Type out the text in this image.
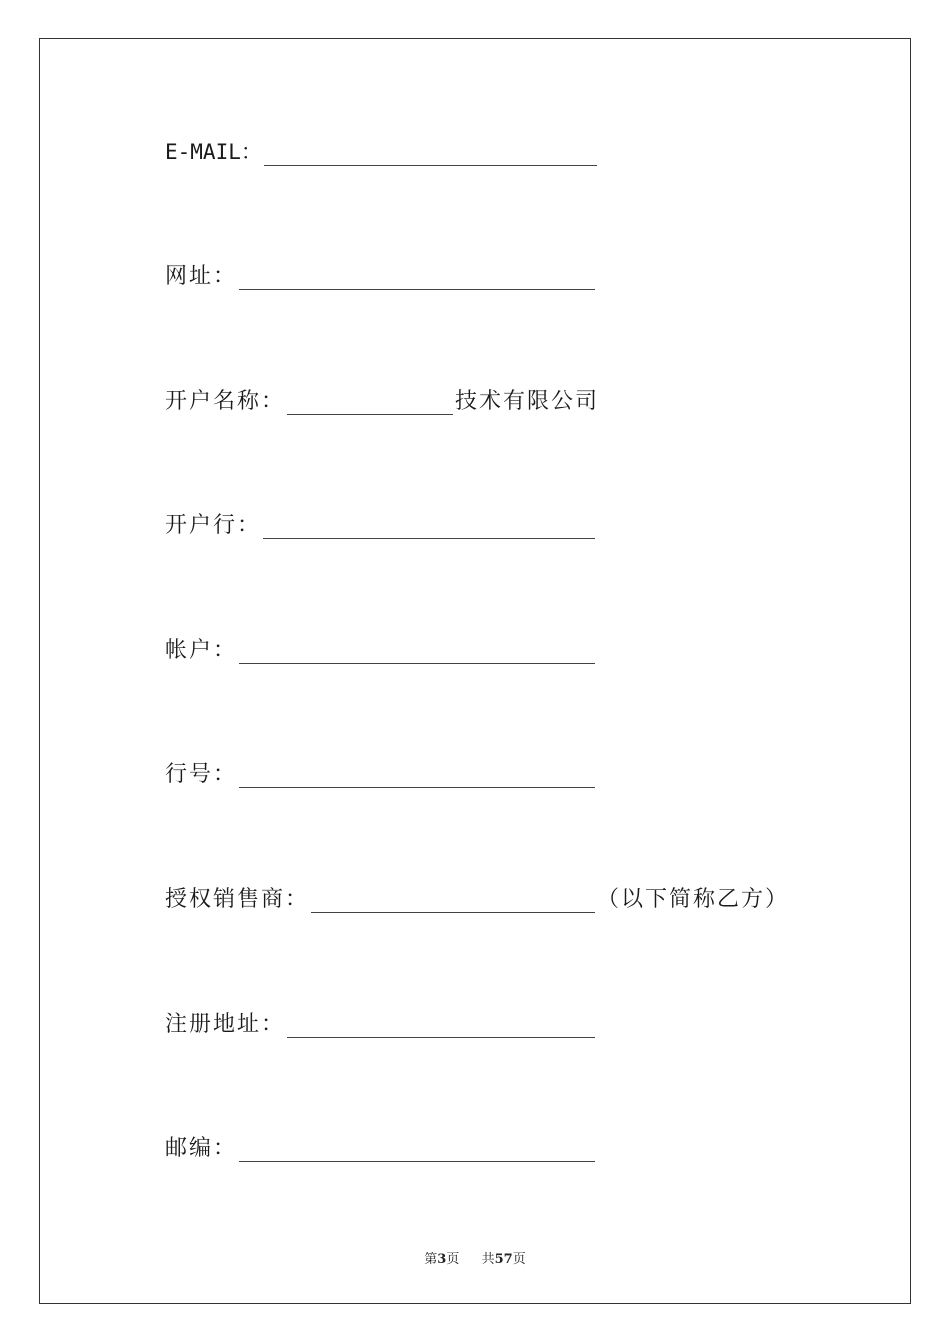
E-MAIL：
网址：
开户名称：	技术有限公司
开户行：
帐户：
行号：
授权销售商：	（以下简称乙方）
注册地址：
邮编：
第3页 共57页
